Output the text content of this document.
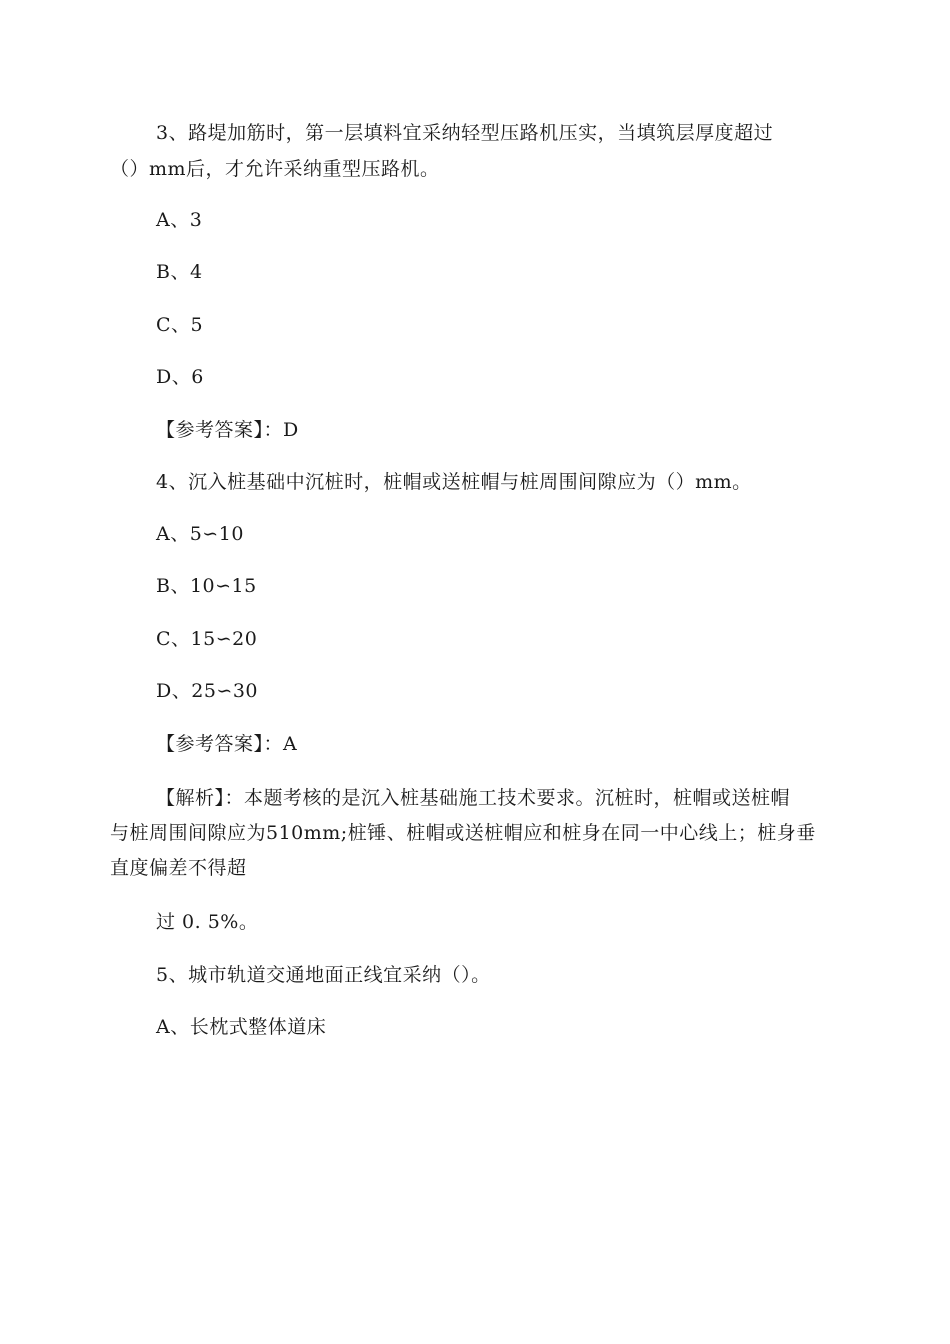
3、路堤加筋时，第一层填料宜采纳轻型压路机压实，当填筑层厚度超过
（）mm后，才允许采纳重型压路机。
A、3
B、4
C、5
D、6
【参考答案】：D
4、沉入桩基础中沉桩时，桩帽或送桩帽与桩周围间隙应为（）mm。
A、5∽10
B、10∽15
C、15∽20
D、25∽30
【参考答案】：A
【解析】：本题考核的是沉入桩基础施工技术要求。沉桩时，桩帽或送桩帽
与桩周围间隙应为510mm;桩锤、桩帽或送桩帽应和桩身在同一中心线上；桩身垂
直度偏差不得超
过 0. 5%。
5、城市轨道交通地面正线宜采纳（）。
A、长枕式整体道床
